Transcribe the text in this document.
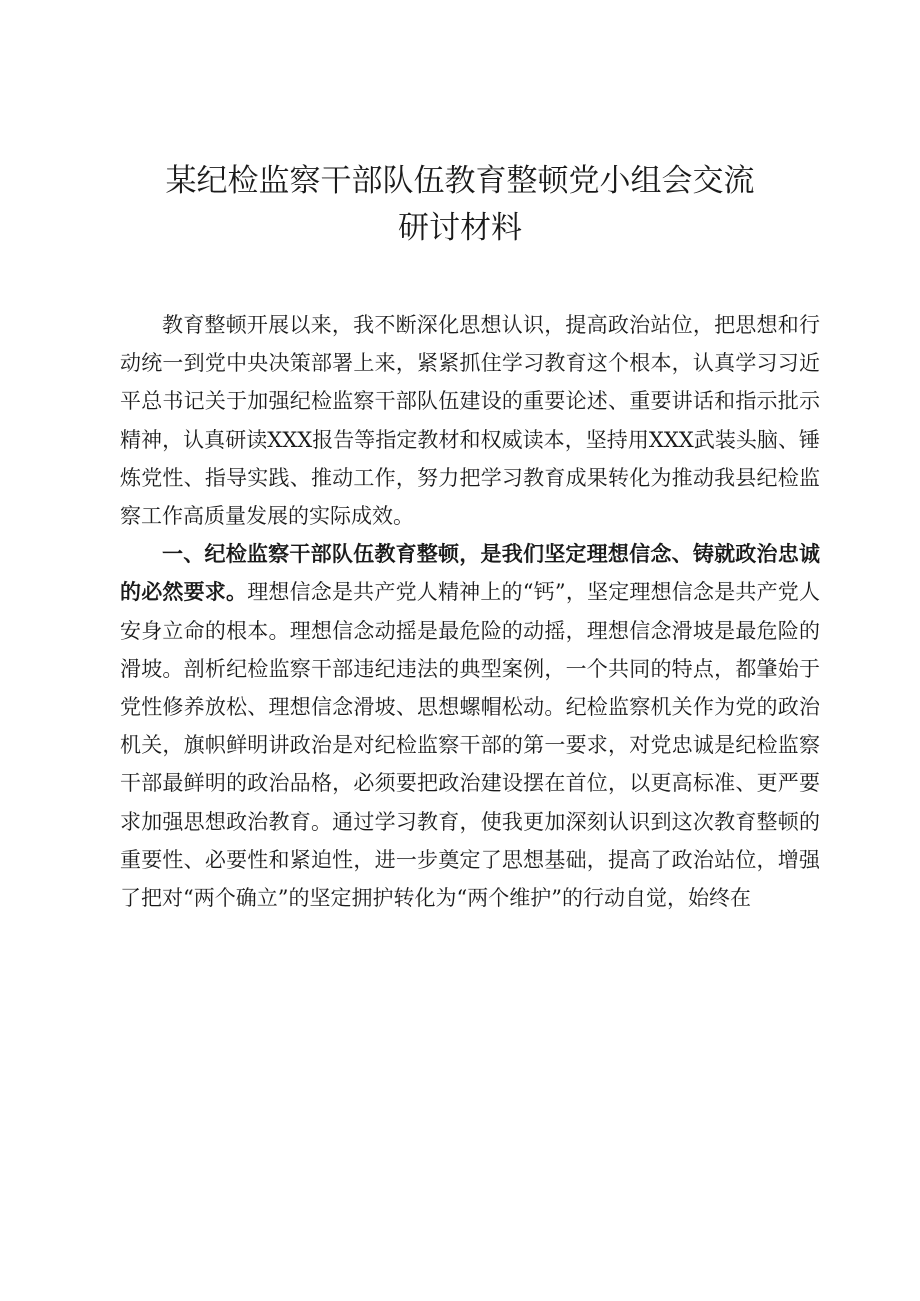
某纪检监察干部队伍教育整顿党小组会交流
研讨材料

教育整顿开展以来，我不断深化思想认识，提高政治站位，把思想和行动统一到党中央决策部署上来，紧紧抓住学习教育这个根本，认真学习习近平总书记关于加强纪检监察干部队伍建设的重要论述、重要讲话和指示批示精神，认真研读XXX报告等指定教材和权威读本，坚持用XXX武装头脑、锤炼党性、指导实践、推动工作，努力把学习教育成果转化为推动我县纪检监察工作高质量发展的实际成效。

一、纪检监察干部队伍教育整顿，是我们坚定理想信念、铸就政治忠诚的必然要求。理想信念是共产党人精神上的“钙”，坚定理想信念是共产党人安身立命的根本。理想信念动摇是最危险的动摇，理想信念滑坡是最危险的滑坡。剖析纪检监察干部违纪违法的典型案例，一个共同的特点，都肇始于党性修养放松、理想信念滑坡、思想螺帽松动。纪检监察机关作为党的政治机关，旗帜鲜明讲政治是对纪检监察干部的第一要求，对党忠诚是纪检监察干部最鲜明的政治品格，必须要把政治建设摆在首位，以更高标准、更严要求加强思想政治教育。通过学习教育，使我更加深刻认识到这次教育整顿的重要性、必要性和紧迫性，进一步奠定了思想基础，提高了政治站位，增强了把对“两个确立”的坚定拥护转化为“两个维护”的行动自觉，始终在
